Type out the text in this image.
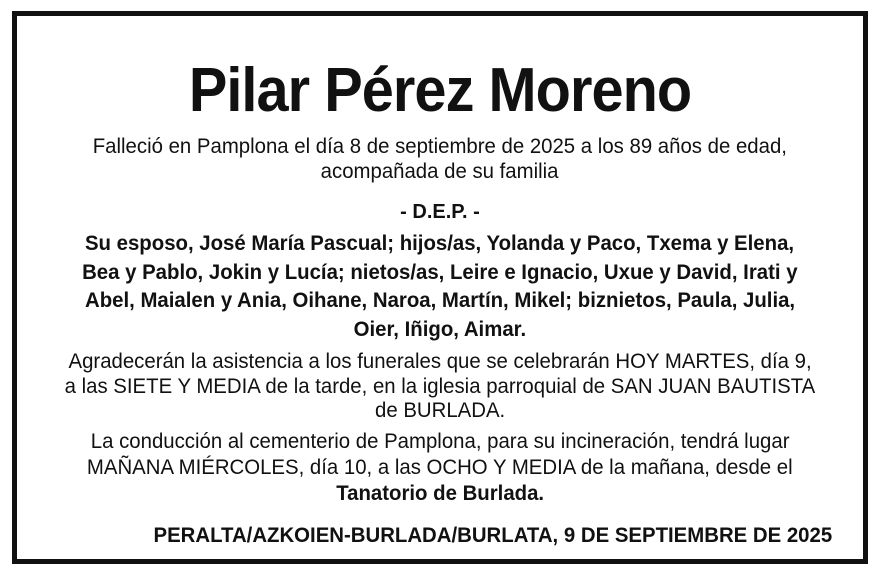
Pilar Pérez Moreno
Falleció en Pamplona el día 8 de septiembre de 2025 a los 89 años de edad,
acompañada de su familia
- D.E.P. -
Su esposo, José María Pascual; hijos/as, Yolanda y Paco, Txema y Elena,
Bea y Pablo, Jokin y Lucía; nietos/as, Leire e Ignacio, Uxue y David, Irati y
Abel, Maialen y Ania, Oihane, Naroa, Martín, Mikel; biznietos, Paula, Julia,
Oier, Iñigo, Aimar.
Agradecerán la asistencia a los funerales que se celebrarán HOY MARTES, día 9,
a las SIETE Y MEDIA de la tarde, en la iglesia parroquial de SAN JUAN BAUTISTA
de BURLADA.
La conducción al cementerio de Pamplona, para su incineración, tendrá lugar
MAÑANA MIÉRCOLES, día 10, a las OCHO Y MEDIA de la mañana, desde el
Tanatorio de Burlada.
PERALTA/AZKOIEN-BURLADA/BURLATA, 9 DE SEPTIEMBRE DE 2025
